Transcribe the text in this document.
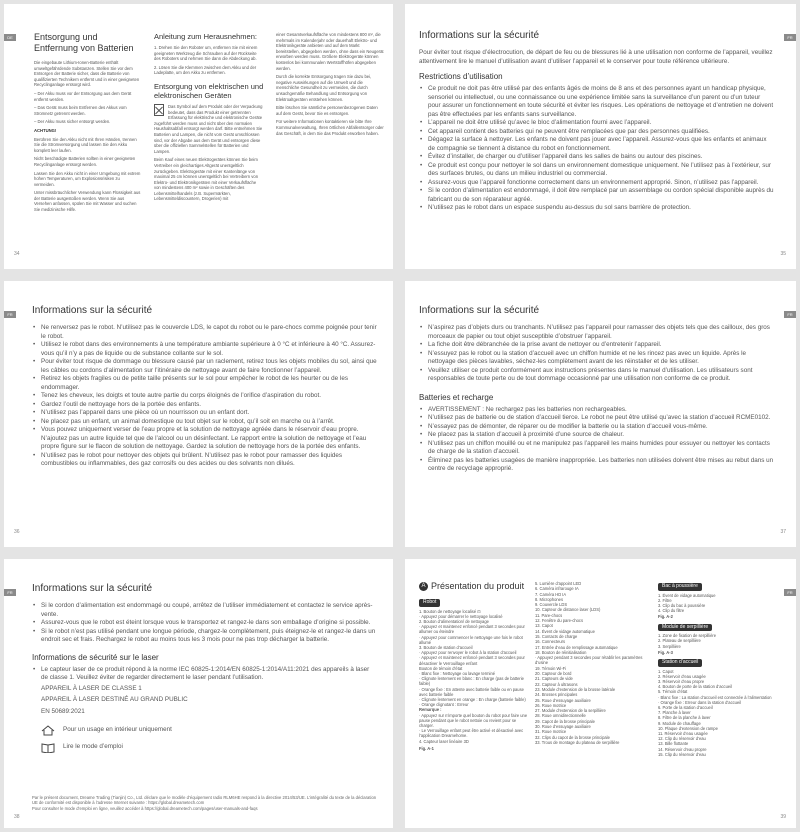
DE	Entsorgung und
Entfernung von Batterien

Die eingebaute Lithium-Ionen-Batterie enthält umweltgefährdende Substanzen. Stellen Sie vor dem Entsorgen der Batterie sicher, dass die Batterie von qualifizierten Technikern entfernt und in einer geeigneten Recyclinganlage entsorgt wird.

– Der Akku muss vor der Entsorgung aus dem Gerät entfernt werden.

– Das Gerät muss beim Entfernen des Akkus vom Stromnetz getrennt werden.

– Der Akku muss sicher entsorgt werden.

ACHTUNG!

Berühren Sie den Akku nicht mit Ihren Händen, trennen Sie die Stromversorgung und lassen Sie den Akku komplett leer laufen.

Nicht beschädigte Batterien sollten in einer geeigneten Recyclinganlage entsorgt werden.

Lassen Sie den Akku nicht in einer Umgebung mit extrem hohen Temperaturen, um Explosionsrisiken zu vermeiden.

Unter missbräuchlicher Verwendung kann Flüssigkeit aus der Batterie ausgestoßen werden. Wenn Sie aus Versehen anfassen, spülen Sie mit Wasser und suchen Sie medizinische Hilfe.

Anleitung zum Herausnehmen:

1. Drehen Sie den Roboter um, entfernen Sie mit einem geeigneten Werkzeug die Schrauben auf der Rückseite des Roboters und nehmen Sie dann die Abdeckung ab.

2. Lösen Sie die Klemmen zwischen dem Akku und der Ladeplatte, um den Akku zu entfernen.

Entsorgung von elektrischen und elektronischen Geräten

Das Symbol auf dem Produkt oder der Verpackung bedeutet, dass das Produkt einer getrennten Erfassung für elektrische und elektronische Geräte zugeführt werden muss und nicht über den normalen Haushaltsabfall entsorgt werden darf. Bitte entnehmen Sie Batterien und Lampen, die nicht vom Gerät umschlossen sind, vor der Abgabe aus dem Gerät und entsorgen diese über die offiziellen Sammelstellen für Batterien und Lampen.

Beim Kauf eines neuen Elektrogerätes können Sie beim Vertreiber ein gleichartiges Altgerät unentgeltlich zurückgeben. Elektrogeräte mit einer Kantenlänge von maximal 25 cm können unentgeltlich bei Vertreibern von Elektro- und Elektronikgeräten mit einer Verkaufsfläche von mindestens 400 m² sowie in Geschäften des Lebensmittelhandels (z.B. Supermärkten, Lebensmitteldiscountern, Drogerien) mit

einer Gesamtverkaufsfläche von mindestens 800 m², die mehrmals im Kalenderjahr oder dauerhaft Elektro- und Elektronikgeräte anbieten und auf dem Markt bereitstellen, abgegeben werden, ohne dass ein Neugerät erworben werden muss. Größere Elektrogeräte können kostenlos bei kommunalen Wertstoffhöfen abgegeben werden.

Durch die korrekte Entsorgung tragen Sie dazu bei, negative Auswirkungen auf die Umwelt und die menschliche Gesundheit zu vermeiden, die durch unsachgemäße Behandlung und Entsorgung von Elektroaltgeräten entstehen können.

Bitte löschen Sie sämtliche personenbezogenen Daten auf dem Gerät, bevor Sie es entsorgen.

Für weitere Informationen kontaktieren sie bitte Ihre Kommunalverwaltung, Ihren örtlichen Abfallentsorger oder das Geschäft, in dem Sie das Produkt erworben haben.

34
FR
Informations sur la sécurité
Pour éviter tout risque d’électrocution, de départ de feu ou de blessures lié à une utilisation non conforme de l’appareil, veuillez attentivement lire le manuel d’utilisation avant d’utiliser l’appareil et le conserver pour toute référence ultérieure.
Restrictions d’utilisation
• Ce produit ne doit pas être utilisé par des enfants âgés de moins de 8 ans et des personnes ayant un handicap physique, sensoriel ou intellectuel, ou une connaissance ou une expérience limitée sans la surveillance d’un parent ou d’un tuteur pour assurer un fonctionnement en toute sécurité et éviter les risques. Les opérations de nettoyage et d’entretien ne doivent pas être effectuées par les enfants sans surveillance.
• L’appareil ne doit être utilisé qu’avec le bloc d’alimentation fourni avec l’appareil.
• Cet appareil contient des batteries qui ne peuvent être remplacées que par des personnes qualifiées.
• Dégagez la surface à nettoyer. Les enfants ne doivent pas jouer avec l’appareil. Assurez-vous que les enfants et animaux de compagnie se tiennent à distance du robot en fonctionnement.
• Évitez d’installer, de charger ou d’utiliser l’appareil dans les salles de bains ou autour des piscines.
• Ce produit est conçu pour nettoyer le sol dans un environnement domestique uniquement. Ne l’utilisez pas à l’extérieur, sur des surfaces brutes, ou dans un milieu industriel ou commercial.
• Assurez-vous que l’appareil fonctionne correctement dans un environnement approprié. Sinon, n’utilisez pas l’appareil.
• Si le cordon d’alimentation est endommagé, il doit être remplacé par un assemblage ou cordon spécial disponible auprès du fabricant ou de son réparateur agréé.
• N’utilisez pas le robot dans un espace suspendu au-dessus du sol sans barrière de protection.
35
FR	Informations sur la sécurité
• Ne renversez pas le robot. N’utilisez pas le couvercle LDS, le capot du robot ou le pare-chocs comme poignée pour tenir le robot.
• Utilisez le robot dans des environnements à une température ambiante supérieure à 0 °C et inférieure à 40 °C. Assurez-vous qu’il n’y a pas de liquide ou de substance collante sur le sol.
• Pour éviter tout risque de dommage ou blessure causé par un raclement, retirez tous les objets mobiles du sol, ainsi que les câbles ou cordons d’alimentation sur l’itinéraire de nettoyage avant de faire fonctionner l’appareil.
• Retirez les objets fragiles ou de petite taille présents sur le sol pour empêcher le robot de les heurter ou de les endommager.
• Tenez les cheveux, les doigts et toute autre partie du corps éloignés de l’orifice d’aspiration du robot.
• Gardez l’outil de nettoyage hors de la portée des enfants.
• N’utilisez pas l’appareil dans une pièce où un nourrisson ou un enfant dort.
• Ne placez pas un enfant, un animal domestique ou tout objet sur le robot, qu’il soit en marche ou à l’arrêt.
• Vous pouvez uniquement verser de l’eau propre et la solution de nettoyage agréée dans le réservoir d’eau propre. N’ajoutez pas un autre liquide tel que de l’alcool ou un désinfectant. Le rapport entre la solution de nettoyage et l’eau propre figure sur le flacon de solution de nettoyage. Gardez la solution de nettoyage hors de la portée des enfants.
• N’utilisez pas le robot pour nettoyer des objets qui brûlent. N’utilisez pas le robot pour ramasser des liquides combustibles ou inflammables, des gaz corrosifs ou des acides ou des solvants non dilués.
36
FR
Informations sur la sécurité
• N’aspirez pas d’objets durs ou tranchants. N’utilisez pas l’appareil pour ramasser des objets tels que des cailloux, des gros morceaux de papier ou tout objet susceptible d’obstruer l’appareil.
• La fiche doit être débranchée de la prise avant de nettoyer ou d’entretenir l’appareil.
• N’essuyez pas le robot ou la station d’accueil avec un chiffon humide et ne les rincez pas avec un liquide. Après le nettoyage des pièces lavables, séchez-les complètement avant de les réinstaller et de les utiliser.
• Veuillez utiliser ce produit conformément aux instructions présentes dans le manuel d’utilisation. Les utilisateurs sont responsables de toute perte ou de tout dommage occasionné par une utilisation non conforme de ce produit.
Batteries et recharge
• AVERTISSEMENT : Ne rechargez pas les batteries non rechargeables.
• N’utilisez pas de batterie ou de station d’accueil tierce. Le robot ne peut être utilisé qu’avec la station d’accueil RCME0102.
• N’essayez pas de démonter, de réparer ou de modifier la batterie ou la station d’accueil vous-même.
• Ne placez pas la station d’accueil à proximité d’une source de chaleur.
• N’utilisez pas un chiffon mouillé ou et ne manipulez pas l’appareil les mains humides pour essuyer ou nettoyer les contacts de charge de la station d’accueil.
• Éliminez pas les batteries usagées de manière inappropriée. Les batteries non utilisées doivent être mises au rebut dans un centre de recyclage approprié.
37
FR	Informations sur la sécurité
• Si le cordon d’alimentation est endommagé ou coupé, arrêtez de l’utiliser immédiatement et contactez le service après-vente.
• Assurez-vous que le robot est éteint lorsque vous le transportez et rangez-le dans son emballage d’origine si possible.
• Si le robot n’est pas utilisé pendant une longue période, chargez-le complètement, puis éteignez-le et rangez-le dans un endroit sec et frais. Rechargez le robot au moins tous les 3 mois pour ne pas trop décharger la batterie.
Informations de sécurité sur le laser
• Le capteur laser de ce produit répond à la norme IEC 60825-1:2014/EN 60825-1:2014/A11:2021 des appareils à laser de classe 1. Veuillez éviter de regarder directement le laser pendant l’utilisation.
APPAREIL À LASER DE CLASSE 1
APPAREIL À LASER DESTINÉ AU GRAND PUBLIC
EN 50689:2021
Pour un usage en intérieur uniquement
Lire le mode d’emploi
Par le présent document, Dreame Trading (Tianjin) Co., Ltd. déclare que le modèle d’équipement radio RLM6HE respond à la directive 2014/53/UE. L’intégralité du texte de la déclaration UE de conformité est disponible à l’adresse Internet suivante : https://global.dreametech.com
Pour consulter le mode d’emploi en ligne, veuillez accéder à https://global.dreametech.com/pages/user-manuals-and-faqs
38
FR
A Présentation du produit
Robot
1. Bouton de nettoyage localisé ⊡
· Appuyez pour démarrer le nettoyage localisé
2. Bouton d’alimentation/ de nettoyage
· Appuyez et maintenez enfoncé pendant 3 secondes pour allumer ou éteindre
· Appuyez pour commencer le nettoyage une fois le robot allumé
3. Bouton de station d’accueil
· Appuyez pour renvoyer le robot à la station d’accueil
· Appuyez et maintenez enfoncé pendant 3 secondes pour désactiver le Verrouillage enfant
Bouton de témoin d’état
· Blanc fixe : Nettoyage ou lavage terminé
· Clignote lentement en blanc : En charge (pas de batterie faible)
· Orange fixe : En attente avec batterie faible ou en pause avec batterie faible
· Clignote lentement en orange : En charge (batterie faible)
· Orange clignotant : Erreur
Remarque :
· Appuyez sur n’importe quel bouton du robot pour faire une pause pendant que le robot nettoie ou revient pour se charger.
· Le Verrouillage enfant peut être activé et désactivé avec l’application Dreamehome.
4. Capteur laser linéaire 3D
Fig. A-1
5. Lumière d’appoint LED
6. Caméra infrarouge IA
7. Caméra HD IA
8. Microphones
9. Couvercle LDS
10. Capteur de distance laser (LDS)
11. Pare-chocs
12. Fenêtre du pare-chocs
13. Capot
14. Évent de vidage automatique
15. Contacts de charge
16. Connecteurs
17. Entrée d’eau de remplissage automatique
18. Bouton de réinitialisation
· Appuyez pendant 3 secondes pour rétablir les paramètres d’usine
19. Témoin Wi-Fi
20. Capteur de bord
21. Capteurs de vide
22. Capteur à ultrasons
23. Module d’extension de la brosse latérale
24. Brosses principales
25. Roue d’essuyage auxiliaire
26. Roue motrice
27. Module d’extension de la serpillière
28. Roue omnidirectionnelle
29. Capot de la brosse principale
30. Roue d’essuyage auxiliaire
31. Roue motrice
32. Clips du capot de la brosse principale
33. Trous de montage du plateau de serpillière
Bac à poussière
1. Évent de vidage automatique
2. Filtre
3. Clip du bac à poussière
4. Clip du filtre
Fig. A-2
Module de serpillière
1. Zone de fixation de serpillière
2. Plateau de serpillière
3. Serpillière
Fig. A-3
Station d’accueil
1. Capot
2. Réservoir d’eau usagée
3. Réservoir d’eau propre
4. Bouton de porte de la station d’accueil
5. Témoin d’état
· Blanc fixe : La station d’accueil est connectée à l’alimentation
· Orange fixe : Erreur dans la station d’accueil
6. Porte de la station d’accueil
7. Planche à laver
8. Filtre de la planche à laver
9. Module de chauffage
10. Plaque d’extension de rampe
11. Réservoir d’eau usagée
12. Clip du réservoir d’eau
13. Bille flottante
14. Réservoir d’eau propre
15. Clip du réservoir d’eau
39
